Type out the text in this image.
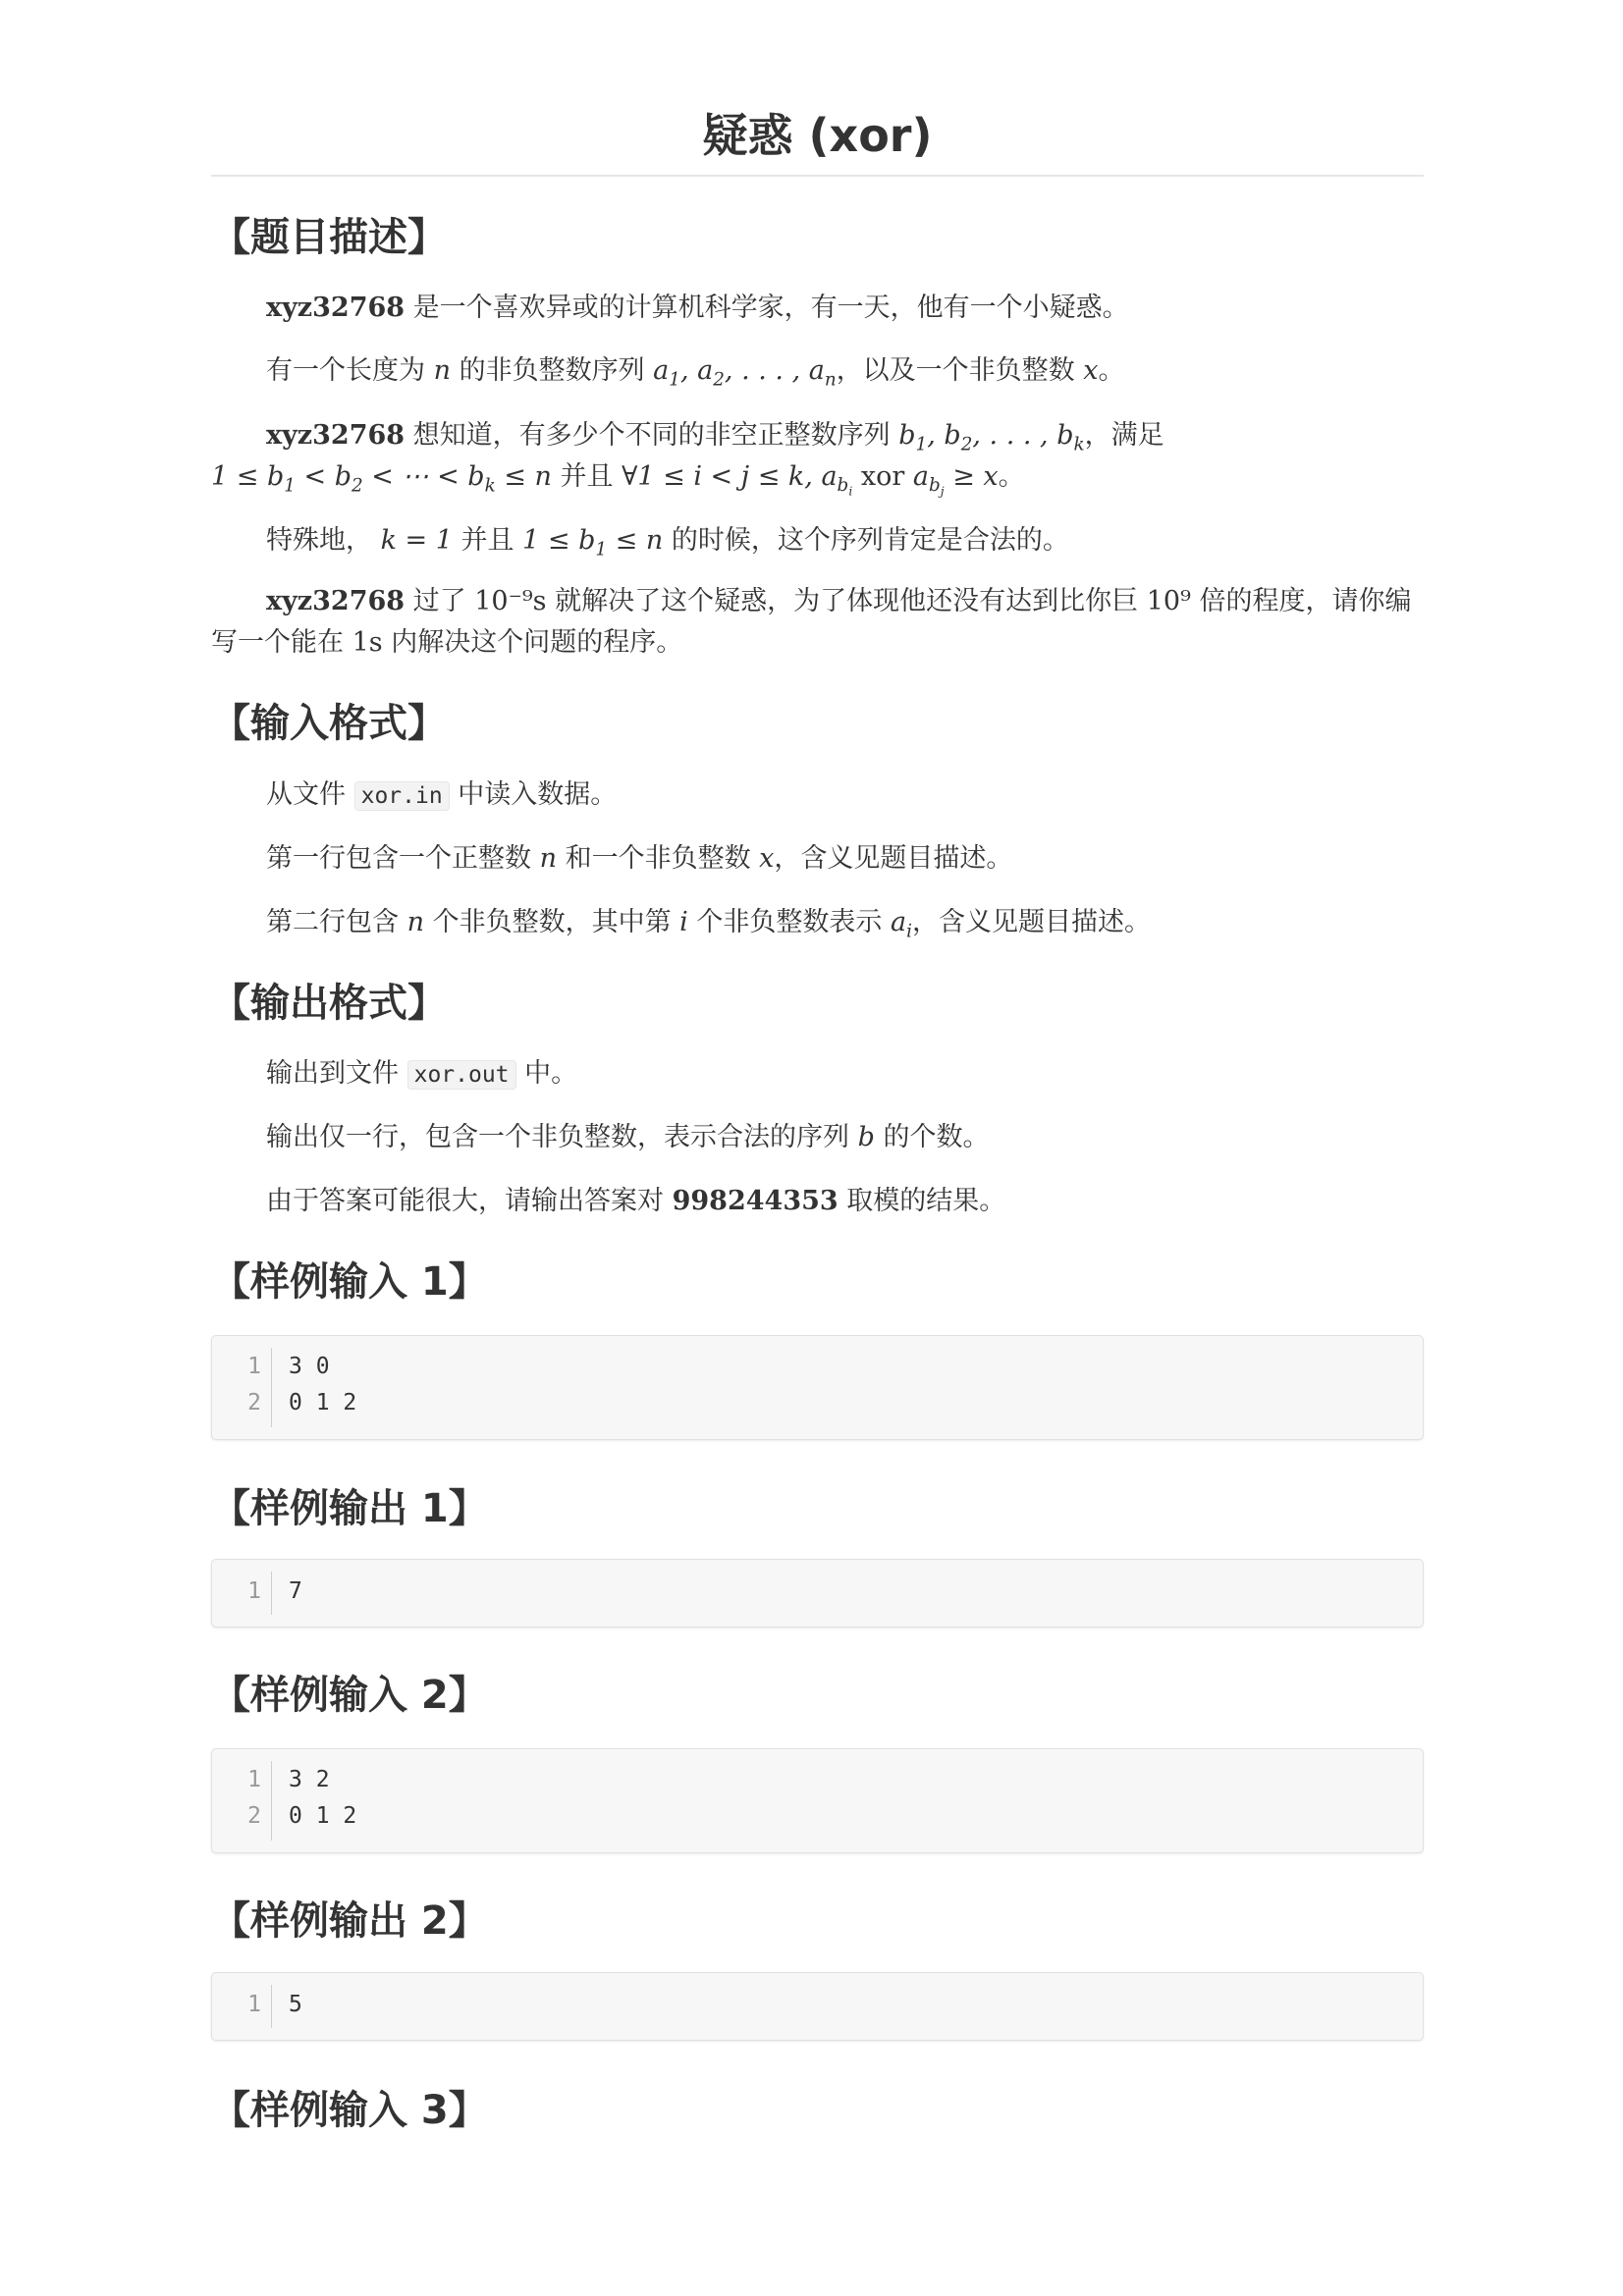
疑惑 (xor)
【题目描述】
xyz32768 是一个喜欢异或的计算机科学家，有一天，他有一个小疑惑。
有一个长度为 n 的非负整数序列 $a_1$, $a_2$, . . . , $a_n$，以及一个非负整数 x。
xyz32768 想知道，有多少个不同的非空正整数序列 $b_1$, $b_2$, . . . , $b_k$，满足
$1 \le b_1 < b_2$ < ⋯ < $b_k \le n$ 并且 ∀1 ≤ i < j ≤ k, $a_{b_i}$ xor $a_{b_j} \ge x$。
特殊地， k = 1 并且 $1 \le b_1 \le n$ 的时候，这个序列肯定是合法的。
xyz32768 过了 10⁻⁹s 就解决了这个疑惑，为了体现他还没有达到比你巨 10⁹ 倍的程度，请你编写一个能在 1s 内解决这个问题的程序。
【输入格式】
从文件 xor.in 中读入数据。
第一行包含一个正整数 n 和一个非负整数 x，含义见题目描述。
第二行包含 n 个非负整数，其中第 i 个非负整数表示 $a_i$，含义见题目描述。
【输出格式】
输出到文件 xor.out 中。
输出仅一行，包含一个非负整数，表示合法的序列 b 的个数。
由于答案可能很大，请输出答案对 998244353 取模的结果。
【样例输入 1】
1
2
3 0
0 1 2
【样例输出 1】
1 7
【样例输入 2】
1
2
3 2
0 1 2
【样例输出 2】
1 5
【样例输入 3】
